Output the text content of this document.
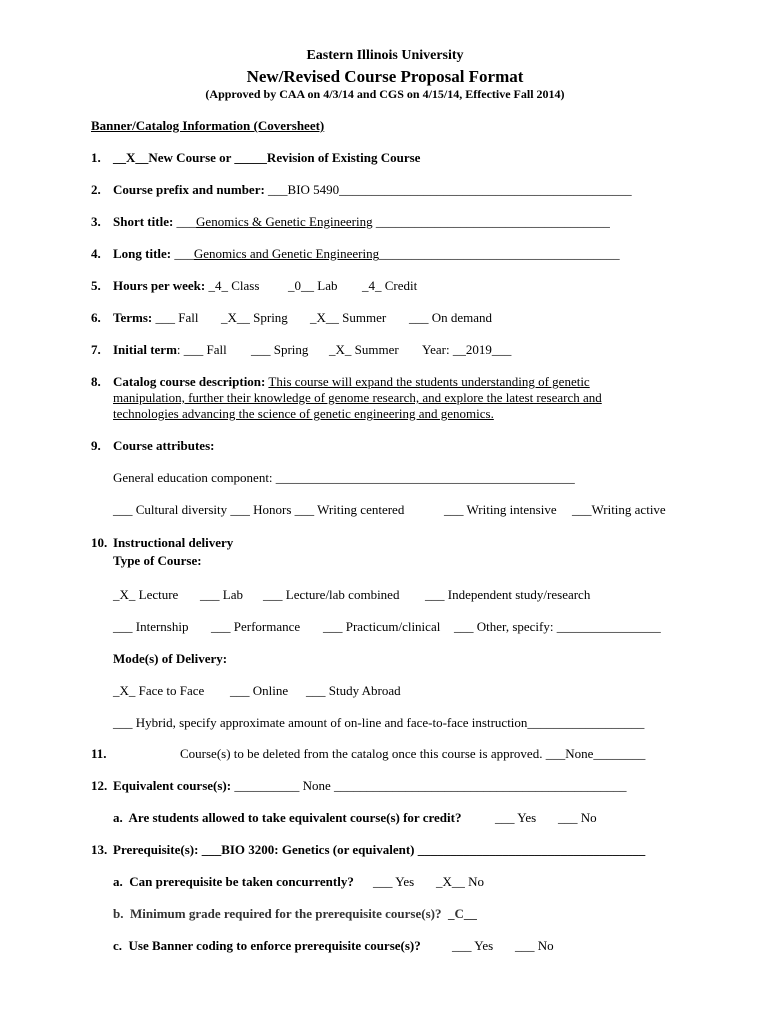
Eastern Illinois University
New/Revised Course Proposal Format
(Approved by CAA on 4/3/14 and CGS on 4/15/14, Effective Fall 2014)
Banner/Catalog Information (Coversheet)
1. __X__New Course or _____Revision of Existing Course
2. Course prefix and number: ___BIO 5490_____________________________________________
3. Short title: ___Genomics & Genetic Engineering ____________________________________
4. Long title: ___Genomics and Genetic Engineering_____________________________________
5. Hours per week: _4_ Class _0__ Lab _4_ Credit
6. Terms: ___ Fall _X__ Spring _X__ Summer ___ On demand
7. Initial term: ___ Fall ___ Spring _X_ Summer Year: __2019___
8. Catalog course description: This course will expand the students understanding of genetic
manipulation, further their knowledge of genome research, and explore the latest research and
technologies advancing the science of genetic engineering and genomics.
9. Course attributes:
General education component: ______________________________________________
___ Cultural diversity ___ Honors ___ Writing centered	___ Writing intensive ___Writing active
10. Instructional delivery
Type of Course:
_X_ Lecture ___ Lab ___ Lecture/lab combined ___ Independent study/research
___ Internship ___ Performance ___ Practicum/clinical ___ Other, specify: ________________
Mode(s) of Delivery:
_X_ Face to Face ___ Online ___ Study Abroad
___ Hybrid, specify approximate amount of on-line and face-to-face instruction__________________
11.	Course(s) to be deleted from the catalog once this course is approved. ___None________
12. Equivalent course(s): __________ None _____________________________________________
a.  Are students allowed to take equivalent course(s) for credit?	___ Yes ___ No
13. Prerequisite(s): ___BIO 3200: Genetics (or equivalent) ___________________________________
a.  Can prerequisite be taken concurrently? ___ Yes _X__ No
b.  Minimum grade required for the prerequisite course(s)?  _C__
c.  Use Banner coding to enforce prerequisite course(s)? ___ Yes ___ No
